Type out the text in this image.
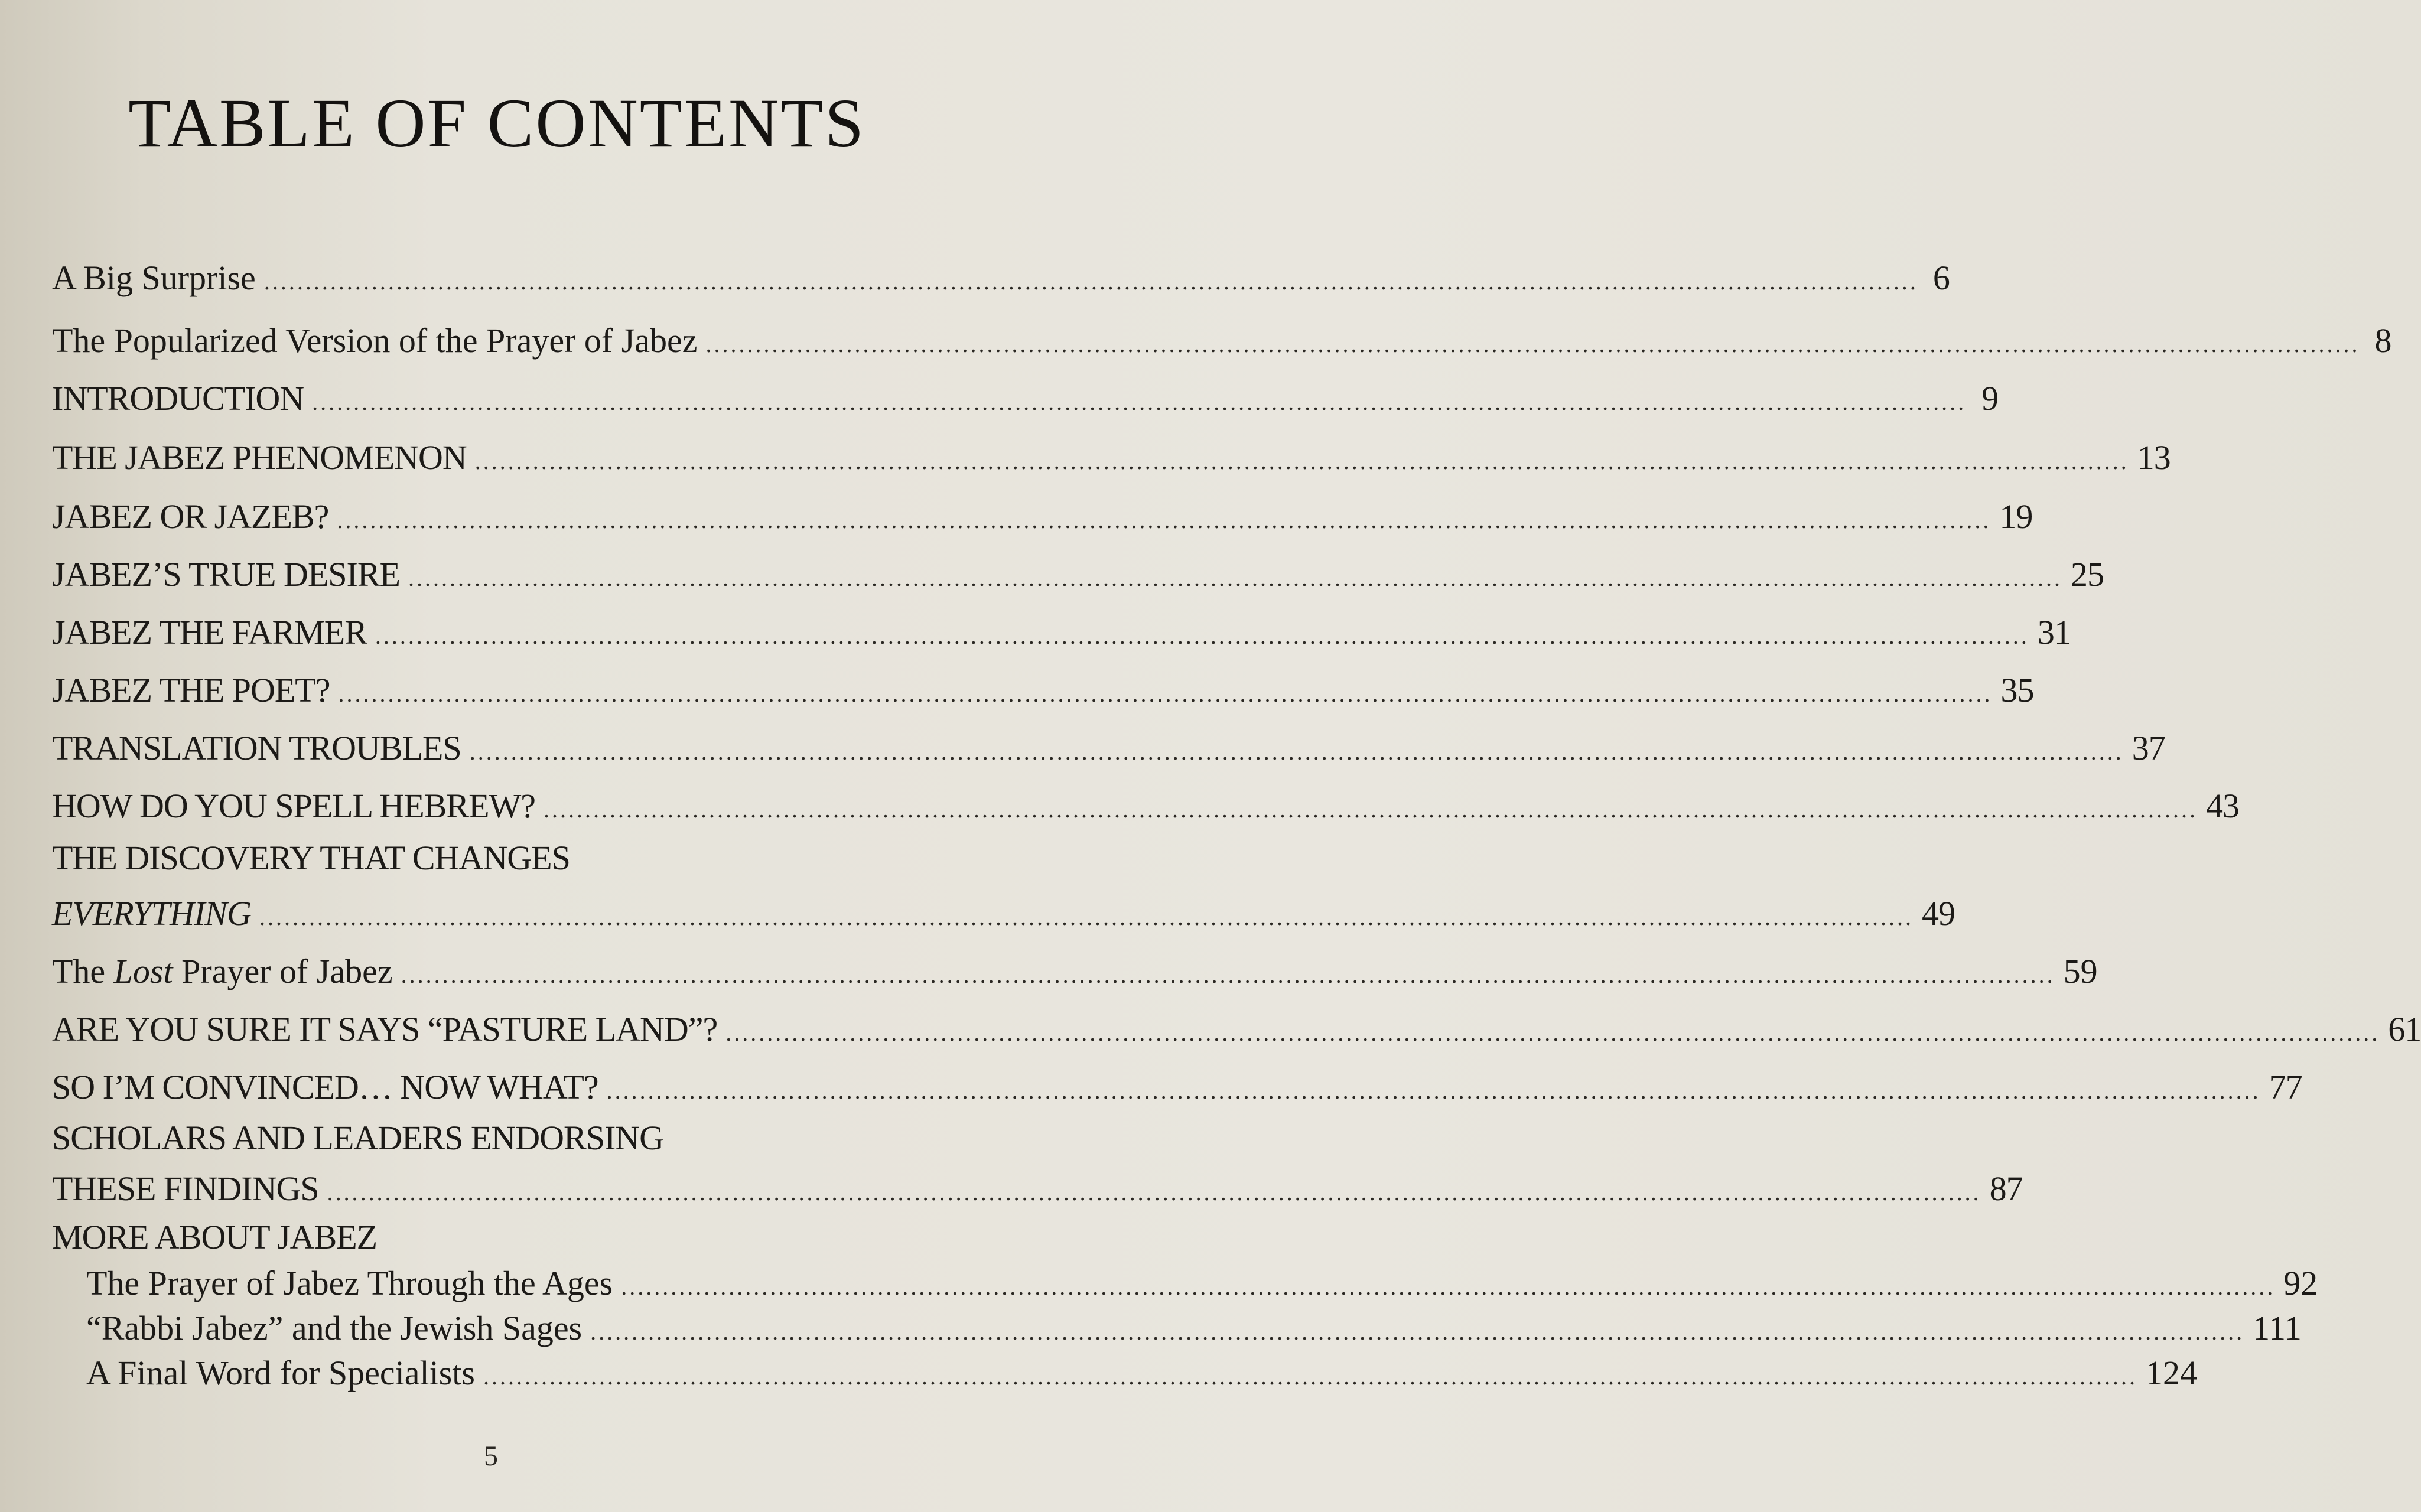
TABLE OF CONTENTS
A Big Surprise ........................................................................................................................................................................................................ 6
The Popularized Version of the Prayer of Jabez ........................................................................................................................................................................................................ 8
INTRODUCTION ........................................................................................................................................................................................................ 9
THE JABEZ PHENOMENON ........................................................................................................................................................................................................ 13
JABEZ OR JAZEB? ........................................................................................................................................................................................................ 19
JABEZ’S TRUE DESIRE ........................................................................................................................................................................................................ 25
JABEZ THE FARMER ........................................................................................................................................................................................................ 31
JABEZ THE POET? ........................................................................................................................................................................................................ 35
TRANSLATION TROUBLES ........................................................................................................................................................................................................ 37
HOW DO YOU SPELL HEBREW? ........................................................................................................................................................................................................ 43
THE DISCOVERY THAT CHANGES
EVERYTHING ........................................................................................................................................................................................................ 49
The Lost Prayer of Jabez ........................................................................................................................................................................................................ 59
ARE YOU SURE IT SAYS “PASTURE LAND”? ........................................................................................................................................................................................................ 61
SO I’M CONVINCED… NOW WHAT? ........................................................................................................................................................................................................ 77
SCHOLARS AND LEADERS ENDORSING
THESE FINDINGS ........................................................................................................................................................................................................ 87
MORE ABOUT JABEZ
The Prayer of Jabez Through the Ages ........................................................................................................................................................................................................ 92
“Rabbi Jabez” and the Jewish Sages ........................................................................................................................................................................................................ 111
A Final Word for Specialists ........................................................................................................................................................................................................ 124
5
